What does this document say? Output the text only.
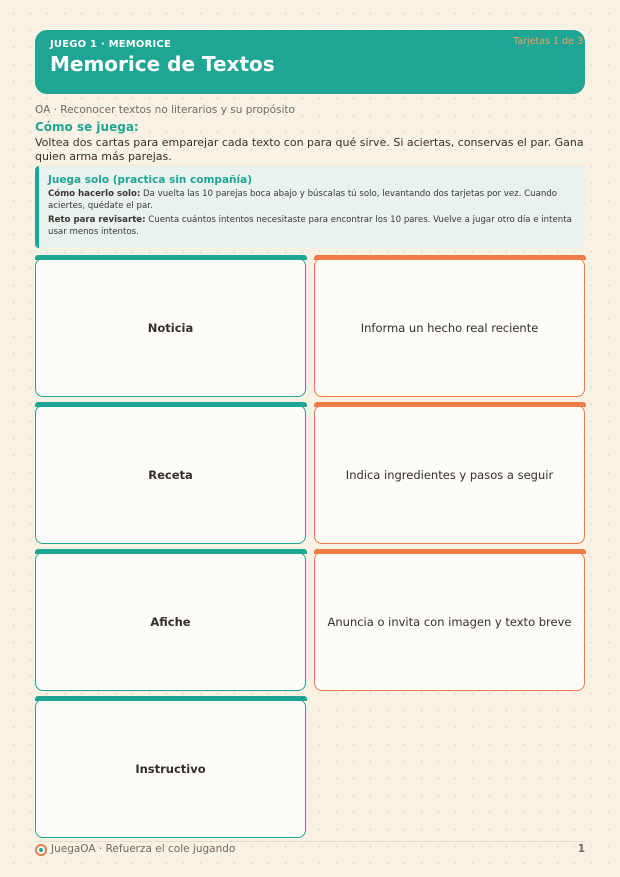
JUEGO 1 · MEMORICE
Memorice de Textos
Tarjetas 1 de 3
OA · Reconocer textos no literarios y su propósito
Cómo se juega:
Voltea dos cartas para emparejar cada texto con para qué sirve. Si aciertas, conservas el par. Gana quien arma más parejas.
Juega solo (practica sin compañía)

Cómo hacerlo solo: Da vuelta las 10 parejas boca abajo y búscalas tú solo, levantando dos tarjetas por vez. Cuando aciertes, quédate el par.

Reto para revisarte: Cuenta cuántos intentos necesitaste para encontrar los 10 pares. Vuelve a jugar otro día e intenta usar menos intentos.

Noticia	Informa un hecho real reciente
Receta	Indica ingredientes y pasos a seguir
Afiche	Anuncia o invita con imagen y texto breve
Instructivo
JuegaOA · Refuerza el cole jugando	1
